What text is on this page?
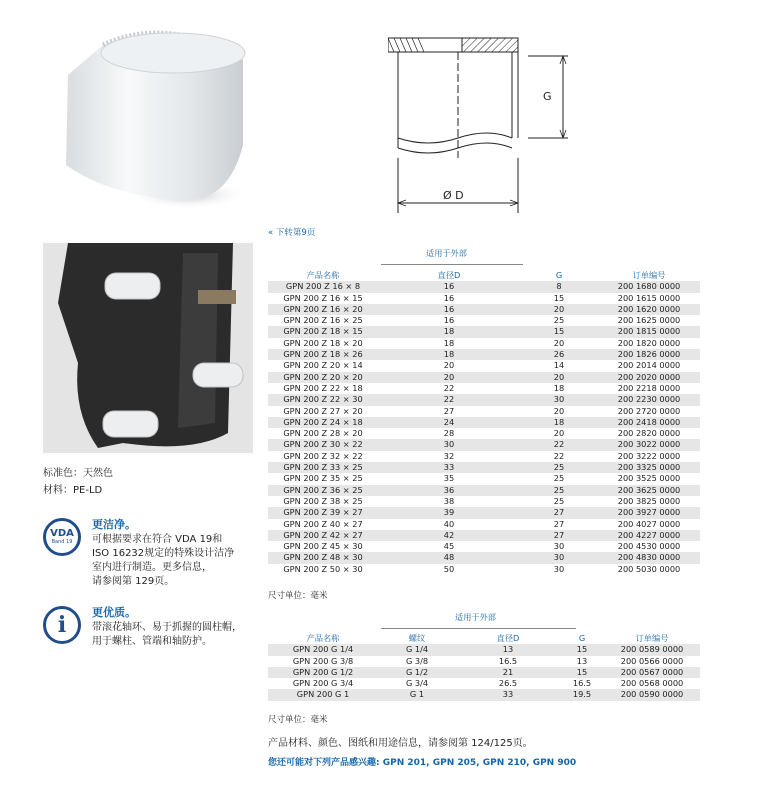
G
Ø D
« 下转第9页
适用于外部
产品名称	直径D	G	订单编号
GPN 200 Z 16 × 8	16	8	200 1680 0000
GPN 200 Z 16 × 15	16	15	200 1615 0000
GPN 200 Z 16 × 20	16	20	200 1620 0000
GPN 200 Z 16 × 25	16	25	200 1625 0000
GPN 200 Z 18 × 15	18	15	200 1815 0000
GPN 200 Z 18 × 20	18	20	200 1820 0000
GPN 200 Z 18 × 26	18	26	200 1826 0000
GPN 200 Z 20 × 14	20	14	200 2014 0000
GPN 200 Z 20 × 20	20	20	200 2020 0000
GPN 200 Z 22 × 18	22	18	200 2218 0000
GPN 200 Z 22 × 30	22	30	200 2230 0000
GPN 200 Z 27 × 20	27	20	200 2720 0000
GPN 200 Z 24 × 18	24	18	200 2418 0000
GPN 200 Z 28 × 20	28	20	200 2820 0000
GPN 200 Z 30 × 22	30	22	200 3022 0000
GPN 200 Z 32 × 22	32	22	200 3222 0000
GPN 200 Z 33 × 25	33	25	200 3325 0000
GPN 200 Z 35 × 25	35	25	200 3525 0000
GPN 200 Z 36 × 25	36	25	200 3625 0000
GPN 200 Z 38 × 25	38	25	200 3825 0000
GPN 200 Z 39 × 27	39	27	200 3927 0000
GPN 200 Z 40 × 27	40	27	200 4027 0000
GPN 200 Z 42 × 27	42	27	200 4227 0000
GPN 200 Z 45 × 30	45	30	200 4530 0000
GPN 200 Z 48 × 30	48	30	200 4830 0000
GPN 200 Z 50 × 30	50	30	200 5030 0000
尺寸单位：毫米
适用于外部
产品名称	螺纹	直径D	G	订单编号
GPN 200 G 1/4	G 1/4	13	15	200 0589 0000
GPN 200 G 3/8	G 3/8	16.5	13	200 0566 0000
GPN 200 G 1/2	G 1/2	21	15	200 0567 0000
GPN 200 G 3/4	G 3/4	26.5	16.5	200 0568 0000
GPN 200 G 1	G 1	33	19.5	200 0590 0000
尺寸单位：毫米
产品材料、颜色、图纸和用途信息，请参阅第 124/125页。
您还可能对下列产品感兴趣: GPN 201, GPN 205, GPN 210, GPN 900
标准色：天然色
材料：PE-LD
VDA
Band 19
更洁净。
可根据要求在符合 VDA 19和
ISO 16232规定的特殊设计洁净
室内进行制造。更多信息，
请参阅第 129页。
i	更优质。
带滚花轴环、易于抓握的圆柱帽，
用于螺柱、管端和轴防护。
